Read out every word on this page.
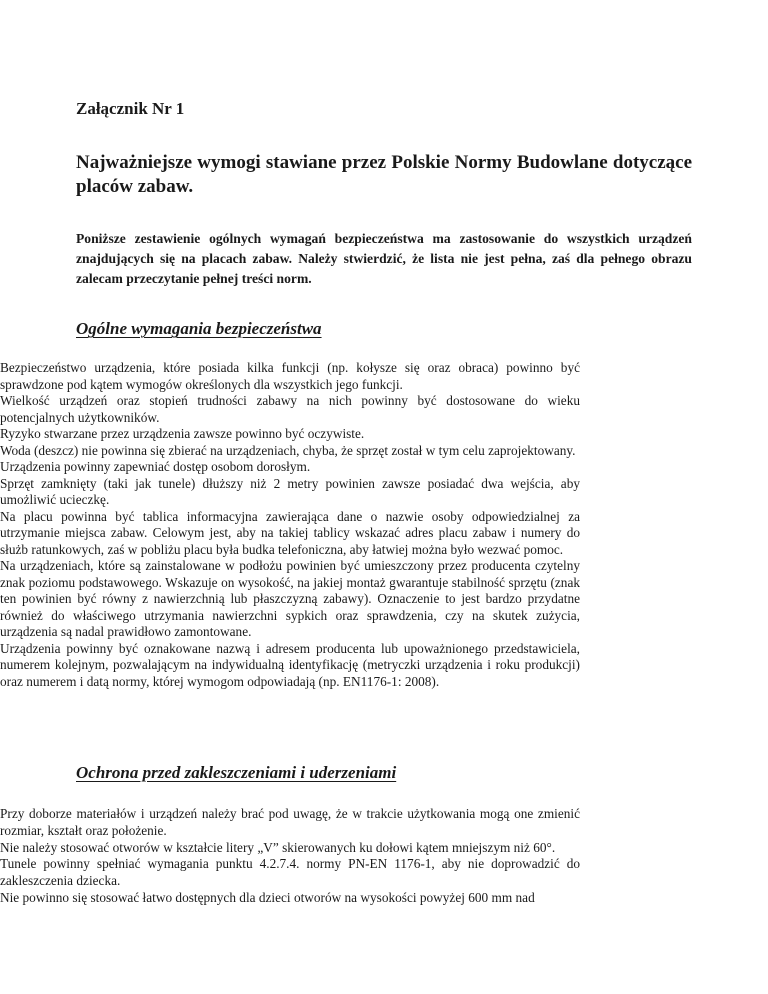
Załącznik Nr 1

Najważniejsze wymogi stawiane przez Polskie Normy Budowlane dotyczące placów zabaw.

Poniższe zestawienie ogólnych wymagań bezpieczeństwa ma zastosowanie do wszystkich urządzeń znajdujących się na placach zabaw. Należy stwierdzić, że lista nie jest pełna, zaś dla pełnego obrazu zalecam przeczytanie pełnej treści norm.

Ogólne wymagania bezpieczeństwa
Bezpieczeństwo urządzenia, które posiada kilka funkcji (np. kołysze się oraz obraca) powinno być sprawdzone pod kątem wymogów określonych dla wszystkich jego funkcji.
Wielkość urządzeń oraz stopień trudności zabawy na nich powinny być dostosowane do wieku potencjalnych użytkowników.
Ryzyko stwarzane przez urządzenia zawsze powinno być oczywiste.
Woda (deszcz) nie powinna się zbierać na urządzeniach, chyba, że sprzęt został w tym celu zaprojektowany.
Urządzenia powinny zapewniać dostęp osobom dorosłym.
Sprzęt zamknięty (taki jak tunele) dłuższy niż 2 metry powinien zawsze posiadać dwa wejścia, aby umożliwić ucieczkę.
Na placu powinna być tablica informacyjna zawierająca dane o nazwie osoby odpowiedzialnej za utrzymanie miejsca zabaw. Celowym jest, aby na takiej tablicy wskazać adres placu zabaw i numery do służb ratunkowych, zaś w pobliżu placu była budka telefoniczna, aby łatwiej można było wezwać pomoc.
Na urządzeniach, które są zainstalowane w podłożu powinien być umieszczony przez producenta czytelny znak poziomu podstawowego. Wskazuje on wysokość, na jakiej montaż gwarantuje stabilność sprzętu (znak ten powinien być równy z nawierzchnią lub płaszczyzną zabawy). Oznaczenie to jest bardzo przydatne również do właściwego utrzymania nawierzchni sypkich oraz sprawdzenia, czy na skutek zużycia, urządzenia są nadal prawidłowo zamontowane.
Urządzenia powinny być oznakowane nazwą i adresem producenta lub upoważnionego przedstawiciela, numerem kolejnym, pozwalającym na indywidualną identyfikację (metryczki urządzenia i roku produkcji) oraz numerem i datą normy, której wymogom odpowiadają (np. EN1176-1: 2008).
Ochrona przed zakleszczeniami i uderzeniami
Przy doborze materiałów i urządzeń należy brać pod uwagę, że w trakcie użytkowania mogą one zmienić rozmiar, kształt oraz położenie.
Nie należy stosować otworów w kształcie litery „V” skierowanych ku dołowi kątem mniejszym niż 60°.
Tunele powinny spełniać wymagania punktu 4.2.7.4. normy PN-EN 1176-1, aby nie doprowadzić do zakleszczenia dziecka.
Nie powinno się stosować łatwo dostępnych dla dzieci otworów na wysokości powyżej 600 mm nad
